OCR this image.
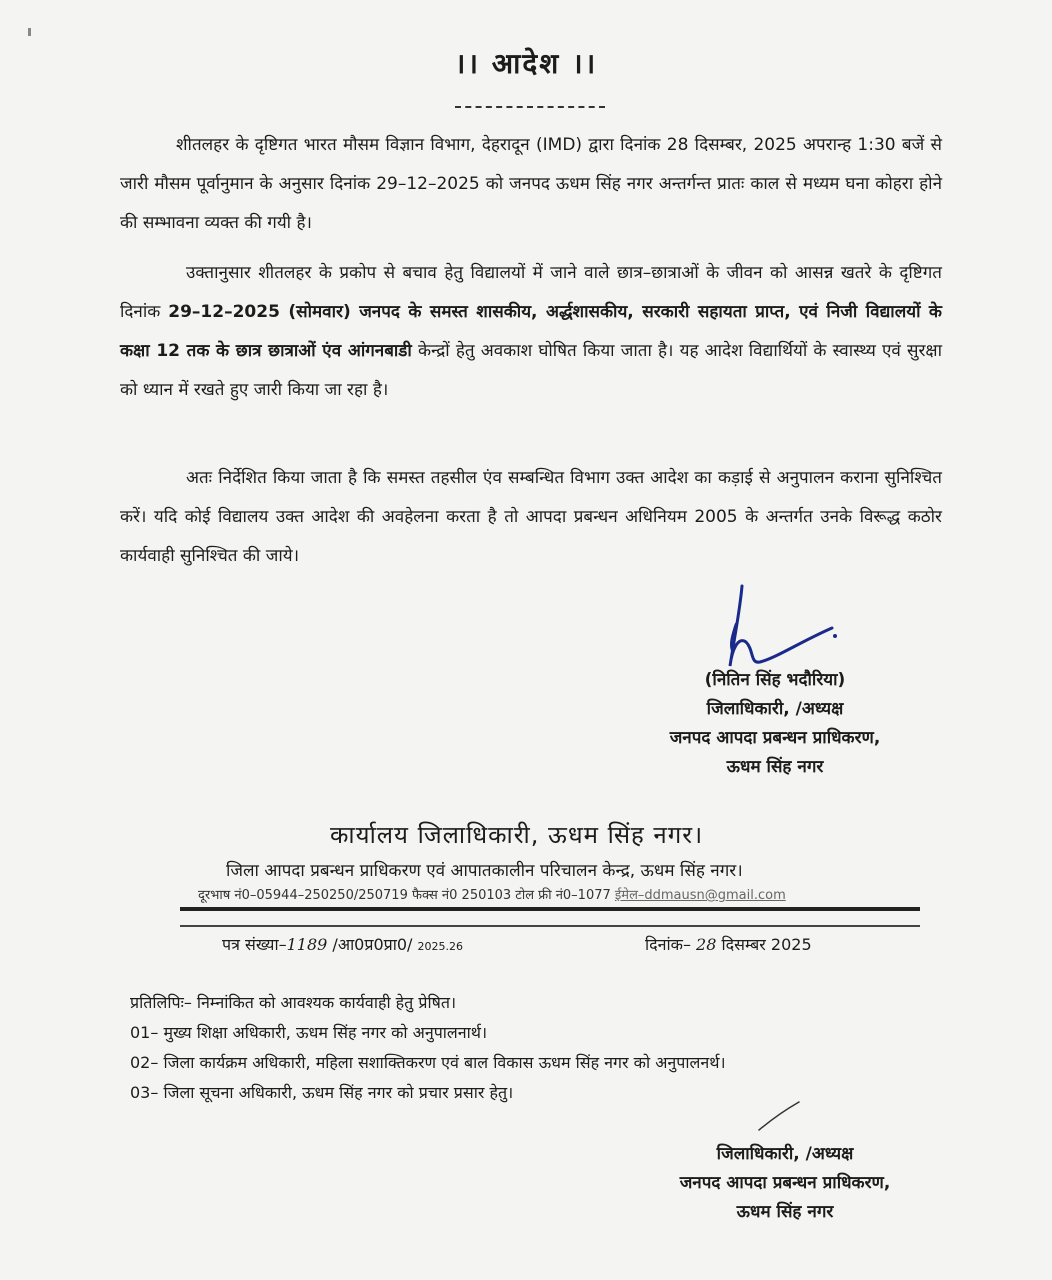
।। आदेश ।।

शीतलहर के दृष्टिगत भारत मौसम विज्ञान विभाग, देहरादून (IMD) द्वारा दिनांक 28 दिसम्बर, 2025 अपरान्ह 1:30 बजें से जारी मौसम पूर्वानुमान के अनुसार दिनांक 29–12–2025 को जनपद ऊधम सिंह नगर अन्तर्गन्त प्रातः काल से मध्यम घना कोहरा होने की सम्भावना व्यक्त की गयी है।

उक्तानुसार शीतलहर के प्रकोप से बचाव हेतु विद्यालयों में जाने वाले छात्र–छात्राओं के जीवन को आसन्न खतरे के दृष्टिगत दिनांक 29–12–2025 (सोमवार) जनपद के समस्त शासकीय, अर्द्धशासकीय, सरकारी सहायता प्राप्त, एवं निजी विद्यालयों के कक्षा 12 तक के छात्र छात्राओं एंव आंगनबाडी केन्द्रों हेतु अवकाश घोषित किया जाता है। यह आदेश विद्यार्थियों के स्वास्थ्य एवं सुरक्षा को ध्यान में रखते हुए जारी किया जा रहा है।

अतः निर्देशित किया जाता है कि समस्त तहसील एंव सम्बन्धित विभाग उक्त आदेश का कड़ाई से अनुपालन कराना सुनिश्चित करें। यदि कोई विद्यालय उक्त आदेश की अवहेलना करता है तो आपदा प्रबन्धन अधिनियम 2005 के अन्तर्गत उनके विरूद्ध कठोर कार्यवाही सुनिश्चित की जाये।

(नितिन सिंह भदौरिया)
जिलाधिकारी, /अध्यक्ष
जनपद आपदा प्रबन्धन प्राधिकरण,
ऊधम सिंह नगर
कार्यालय जिलाधिकारी, ऊधम सिंह नगर।
जिला आपदा प्रबन्धन प्राधिकरण एवं आपातकालीन परिचालन केन्द्र, ऊधम सिंह नगर।
दूरभाष नं0–05944–250250/250719 फैक्स नं0 250103 टोल फ्री नं0–1077 ईमेल–ddmausn@gmail.com
पत्र संख्या–1189 /आ0प्र0प्रा0/ 2025.26	दिनांक– 28 दिसम्बर 2025
प्रतिलिपिः– निम्नांकित को आवश्यक कार्यवाही हेतु प्रेषित।
01– मुख्य शिक्षा अधिकारी, ऊधम सिंह नगर को अनुपालनार्थ।
02– जिला कार्यक्रम अधिकारी, महिला सशाक्तिकरण एवं बाल विकास ऊधम सिंह नगर को अनुपालनर्थ।
03– जिला सूचना अधिकारी, ऊधम सिंह नगर को प्रचार प्रसार हेतु।
जिलाधिकारी, /अध्यक्ष
जनपद आपदा प्रबन्धन प्राधिकरण,
ऊधम सिंह नगर
